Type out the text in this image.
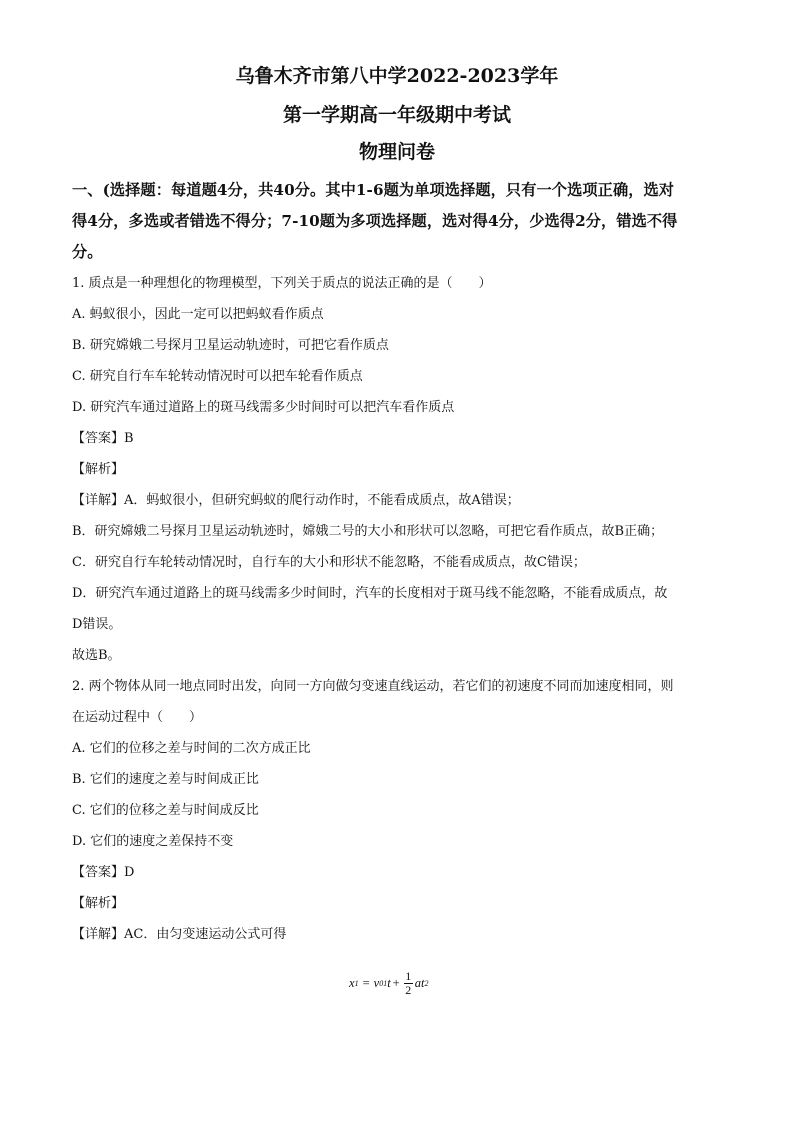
乌鲁木齐市第八中学2022-2023学年

第一学期高一年级期中考试

物理问卷

一、(选择题：每道题4分，共40分。其中1-6题为单项选择题，只有一个选项正确，选对

得4分，多选或者错选不得分；7-10题为多项选择题，选对得4分，少选得2分，错选不得

分。

1. 质点是一种理想化的物理模型，下列关于质点的说法正确的是（　　）

A. 蚂蚁很小，因此一定可以把蚂蚁看作质点

B. 研究嫦娥二号探月卫星运动轨迹时，可把它看作质点

C. 研究自行车车轮转动情况时可以把车轮看作质点

D. 研究汽车通过道路上的斑马线需多少时间时可以把汽车看作质点

【答案】B

【解析】

【详解】A．蚂蚁很小，但研究蚂蚁的爬行动作时，不能看成质点，故A错误；

B．研究嫦娥二号探月卫星运动轨迹时，嫦娥二号的大小和形状可以忽略，可把它看作质点，故B正确；

C．研究自行车轮转动情况时，自行车的大小和形状不能忽略，不能看成质点，故C错误；

D．研究汽车通过道路上的斑马线需多少时间时，汽车的长度相对于斑马线不能忽略，不能看成质点，故

D错误。

故选B。

2. 两个物体从同一地点同时出发，向同一方向做匀变速直线运动，若它们的初速度不同而加速度相同，则

在运动过程中（　　）

A. 它们的位移之差与时间的二次方成正比

B. 它们的速度之差与时间成正比

C. 它们的位移之差与时间成反比

D. 它们的速度之差保持不变

【答案】D

【解析】

【详解】AC．由匀变速运动公式可得

x 1 = v 01 $t + \frac{1}{2}$ at 2
